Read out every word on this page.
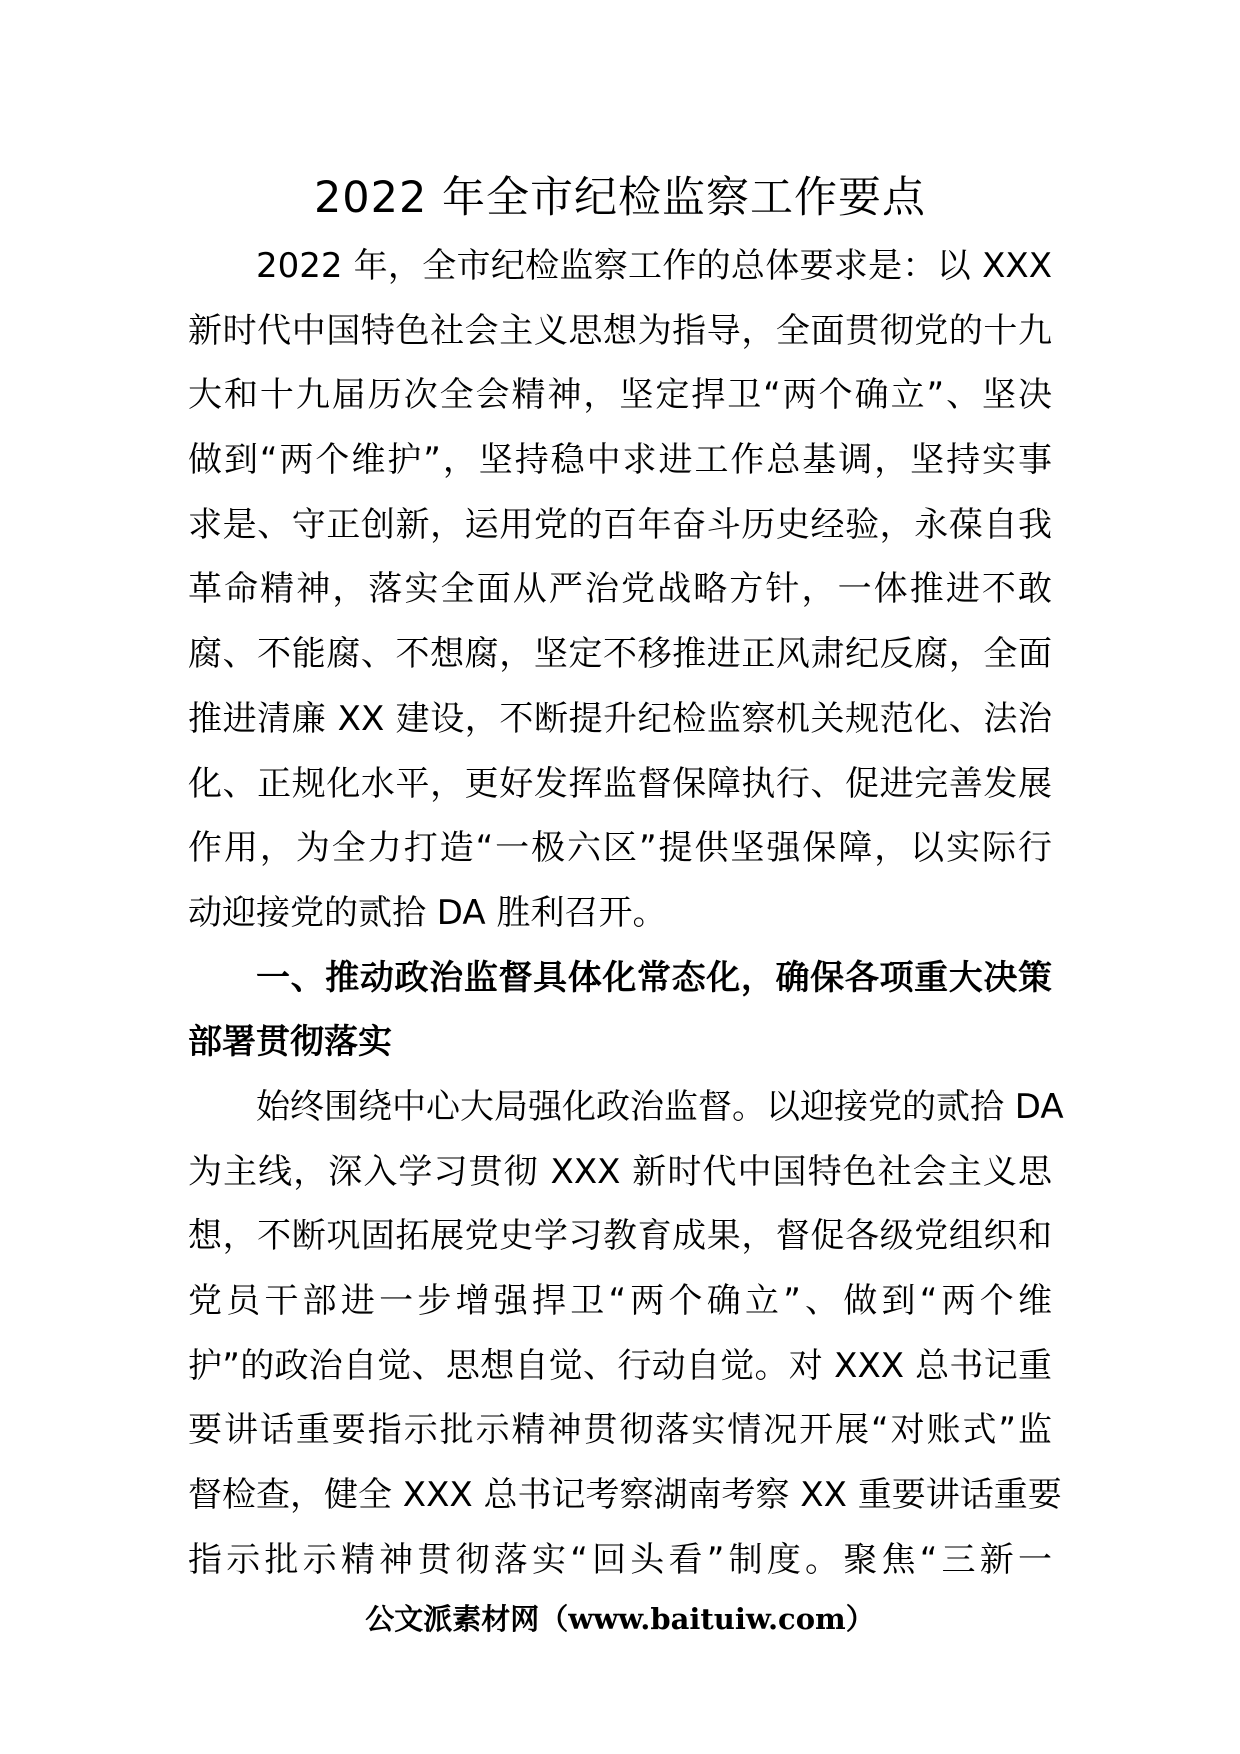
2022 年全市纪检监察工作要点
2022 年，全市纪检监察工作的总体要求是：以 XXX
新时代中国特色社会主义思想为指导，全面贯彻党的十九
大和十九届历次全会精神，坚定捍卫“两个确立”、坚决
做到“两个维护”，坚持稳中求进工作总基调，坚持实事
求是、守正创新，运用党的百年奋斗历史经验，永葆自我
革命精神，落实全面从严治党战略方针，一体推进不敢
腐、不能腐、不想腐，坚定不移推进正风肃纪反腐，全面
推进清廉 XX 建设，不断提升纪检监察机关规范化、法治
化、正规化水平，更好发挥监督保障执行、促进完善发展
作用，为全力打造“一极六区”提供坚强保障，以实际行
动迎接党的贰拾 DA 胜利召开。
一、推动政治监督具体化常态化，确保各项重大决策
部署贯彻落实
始终围绕中心大局强化政治监督。以迎接党的贰拾 DA
为主线，深入学习贯彻 XXX 新时代中国特色社会主义思
想，不断巩固拓展党史学习教育成果，督促各级党组织和
党员干部进一步增强捍卫“两个确立”、做到“两个维
护”的政治自觉、思想自觉、行动自觉。对 XXX 总书记重
要讲话重要指示批示精神贯彻落实情况开展“对账式”监
督检查，健全 XXX 总书记考察湖南考察 XX 重要讲话重要
指示批示精神贯彻落实“回头看”制度。聚焦“三新一
公文派素材网（www.baituiw.com）
